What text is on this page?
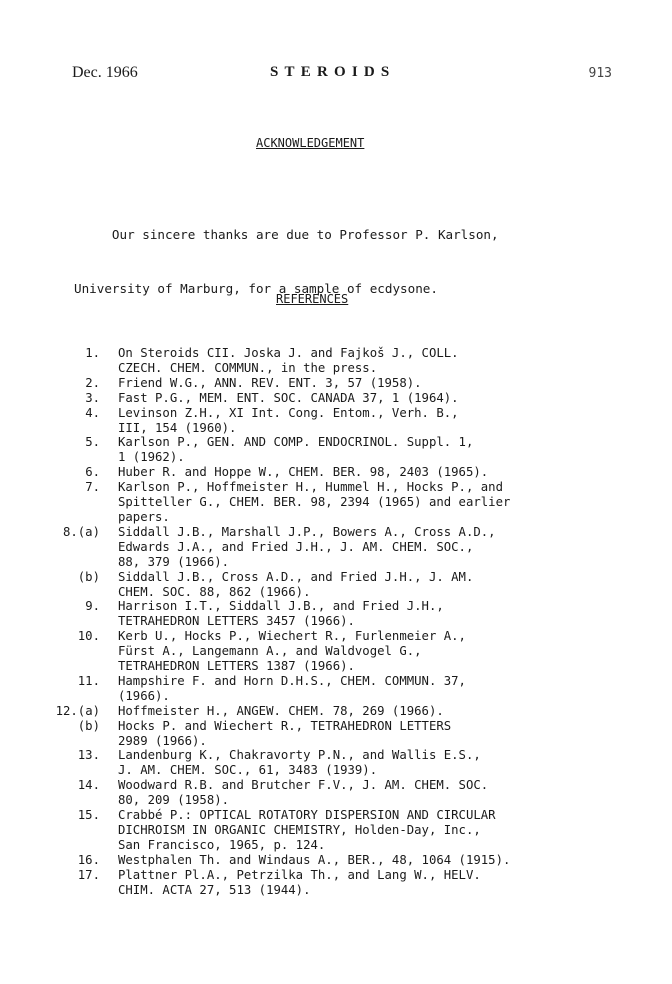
Dec. 1966	STEROIDS	913
ACKNOWLEDGEMENT

Our sincere thanks are due to Professor P. Karlson,

University of Marburg, for a sample of ecdysone.

REFERENCES
1. On Steroids CII. Joska J. and Fajkoš J., COLL.
CZECH. CHEM. COMMUN., in the press.
2. Friend W.G., ANN. REV. ENT. 3, 57 (1958).
3. Fast P.G., MEM. ENT. SOC. CANADA 37, 1 (1964).
4. Levinson Z.H., XI Int. Cong. Entom., Verh. B.,
III, 154 (1960).
5. Karlson P., GEN. AND COMP. ENDOCRINOL. Suppl. 1,
1 (1962).
6. Huber R. and Hoppe W., CHEM. BER. 98, 2403 (1965).
7. Karlson P., Hoffmeister H., Hummel H., Hocks P., and
Spitteller G., CHEM. BER. 98, 2394 (1965) and earlier
papers.
8.(a) Siddall J.B., Marshall J.P., Bowers A., Cross A.D.,
Edwards J.A., and Fried J.H., J. AM. CHEM. SOC.,
88, 379 (1966).
(b) Siddall J.B., Cross A.D., and Fried J.H., J. AM.
CHEM. SOC. 88, 862 (1966).
9. Harrison I.T., Siddall J.B., and Fried J.H.,
TETRAHEDRON LETTERS 3457 (1966).
10. Kerb U., Hocks P., Wiechert R., Furlenmeier A.,
Fürst A., Langemann A., and Waldvogel G.,
TETRAHEDRON LETTERS 1387 (1966).
11. Hampshire F. and Horn D.H.S., CHEM. COMMUN. 37,
(1966).
12.(a) Hoffmeister H., ANGEW. CHEM. 78, 269 (1966).
(b) Hocks P. and Wiechert R., TETRAHEDRON LETTERS
2989 (1966).
13. Landenburg K., Chakravorty P.N., and Wallis E.S.,
J. AM. CHEM. SOC., 61, 3483 (1939).
14. Woodward R.B. and Brutcher F.V., J. AM. CHEM. SOC.
80, 209 (1958).
15. Crabbé P.: OPTICAL ROTATORY DISPERSION AND CIRCULAR
DICHROISM IN ORGANIC CHEMISTRY, Holden-Day, Inc.,
San Francisco, 1965, p. 124.
16. Westphalen Th. and Windaus A., BER., 48, 1064 (1915).
17. Plattner Pl.A., Petrzilka Th., and Lang W., HELV.
CHIM. ACTA 27, 513 (1944).
